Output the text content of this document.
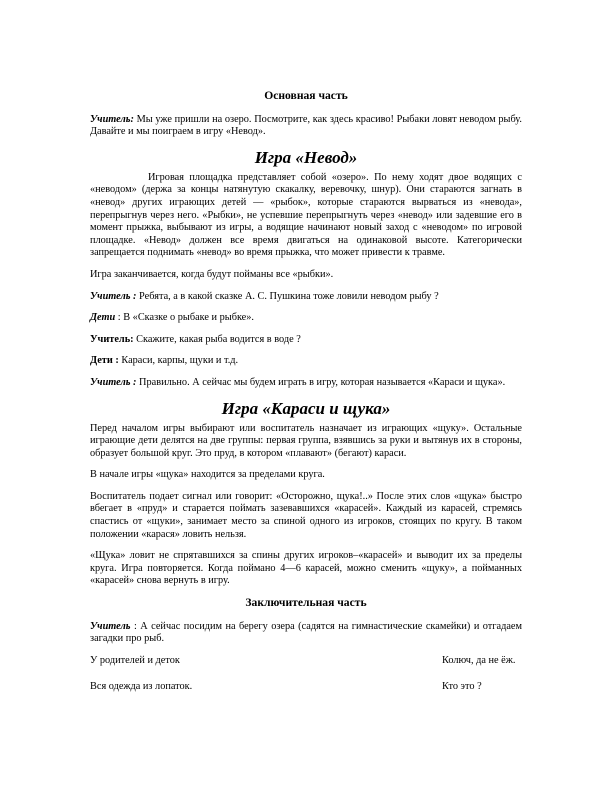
Основная часть

Учитель: Мы уже пришли на озеро. Посмотрите, как здесь красиво! Рыбаки ловят неводом рыбу. Давайте и мы поиграем в игру «Невод».

Игра «Невод»

Игровая площадка представляет собой «озеро». По нему ходят двое водящих с «неводом» (держа за концы натянутую скакалку, веревочку, шнур). Они стараются загнать в «невод» других играющих детей — «рыбок», которые стараются вырваться из «невода», перепрыгнув через него. «Рыбки», не успевшие перепрыгнуть через «невод» или задевшие его в момент прыжка, выбывают из игры, а водящие начинают новый заход с «неводом» по игровой площадке. «Невод» должен все время двигаться на одинаковой высоте. Категорически запрещается поднимать «невод» во время прыжка, что может привести к травме.

Игра заканчивается, когда будут пойманы все «рыбки».

Учитель : Ребята, а в какой сказке А. С. Пушкина тоже ловили неводом рыбу ?

Дети : В «Сказке о рыбаке и рыбке».

Учитель: Скажите, какая рыба водится в воде ?

Дети : Караси, карпы, щуки и т.д.

Учитель : Правильно. А сейчас мы будем играть в игру, которая называется «Караси и щука».

Игра «Караси и щука»

Перед началом игры выбирают или воспитатель назначает из играющих «щуку». Остальные играющие дети делятся на две группы: первая группа, взявшись за руки и вытянув их в стороны, образует большой круг. Это пруд, в котором «плавают» (бегают) караси.

В начале игры «щука» находится за пределами круга.

Воспитатель подает сигнал или говорит: «Осторожно, щука!..» После этих слов «щука» быстро вбегает в «пруд» и старается поймать зазевавшихся «карасей». Каждый из карасей, стремясь спастись от «щуки», занимает место за спиной одного из игроков, стоящих по кругу. В таком положении «карася» ловить нельзя.

«Щука» ловит не спрятавшихся за спины других игроков–«карасей» и выводит их за пределы круга. Игра повторяется. Когда поймано 4—6 карасей, можно сменить «щуку», а пойманных «карасей» снова вернуть в игру.

Заключительная часть

Учитель : А сейчас посидим на берегу озера (садятся на гимнастические скамейки) и отгадаем загадки про рыб.

У родителей и деток	Колюч, да не ёж.
Вся одежда из лопаток.	Кто это ?
